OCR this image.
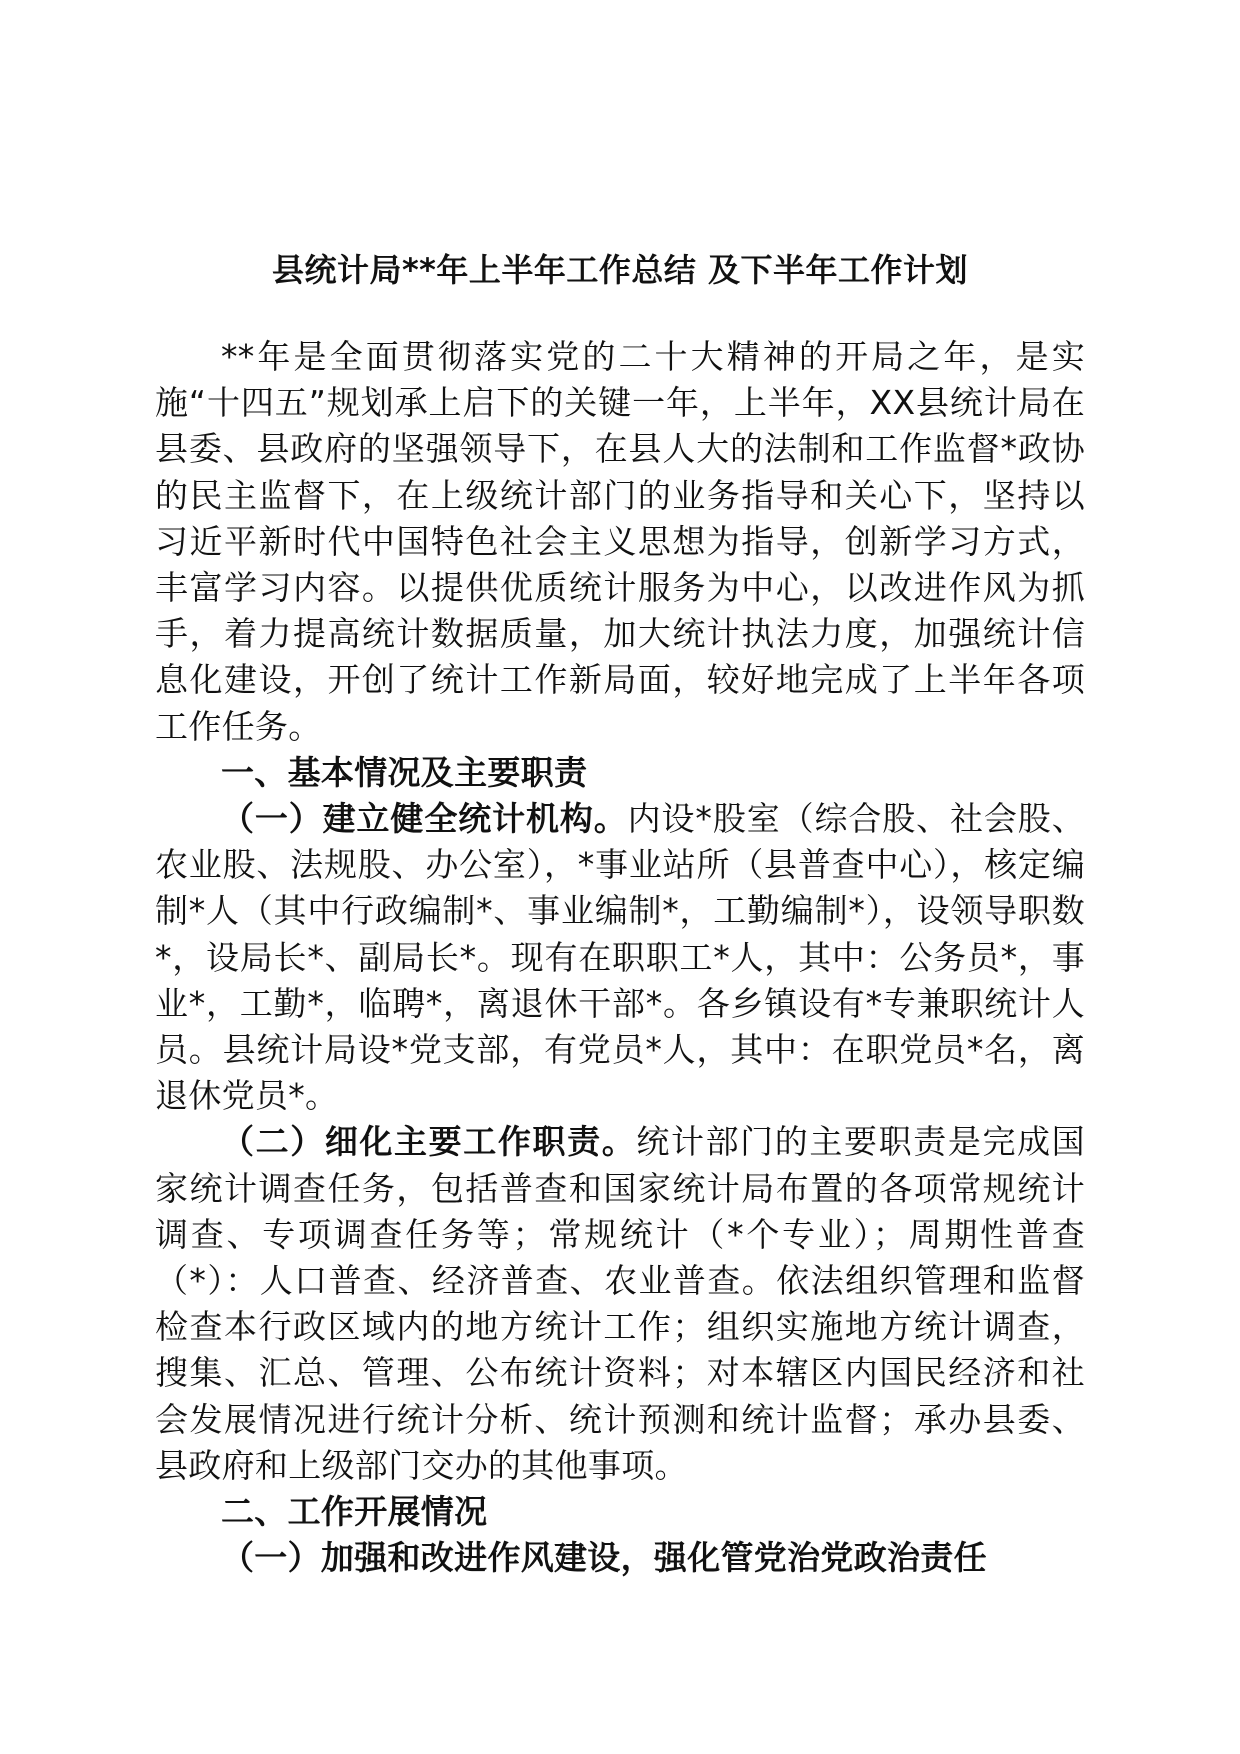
县统计局**年上半年工作总结 及下半年工作计划

**年是全面贯彻落实党的二十大精神的开局之年，是实施“十四五”规划承上启下的关键一年，上半年，XX县统计局在县委、县政府的坚强领导下，在县人大的法制和工作监督*政协的民主监督下，在上级统计部门的业务指导和关心下，坚持以习近平新时代中国特色社会主义思想为指导，创新学习方式，丰富学习内容。以提供优质统计服务为中心，以改进作风为抓手，着力提高统计数据质量，加大统计执法力度，加强统计信息化建设，开创了统计工作新局面，较好地完成了上半年各项工作任务。

一、基本情况及主要职责

（一）建立健全统计机构。内设*股室（综合股、社会股、农业股、法规股、办公室），*事业站所（县普查中心），核定编制*人（其中行政编制*、事业编制*，工勤编制*），设领导职数*，设局长*、副局长*。现有在职职工*人，其中：公务员*，事业*，工勤*，临聘*，离退休干部*。各乡镇设有*专兼职统计人员。县统计局设*党支部，有党员*人，其中：在职党员*名，离退休党员*。

（二）细化主要工作职责。统计部门的主要职责是完成国家统计调查任务，包括普查和国家统计局布置的各项常规统计调查、专项调查任务等；常规统计（*个专业）；周期性普查（*）：人口普查、经济普查、农业普查。依法组织管理和监督检查本行政区域内的地方统计工作；组织实施地方统计调查，搜集、汇总、管理、公布统计资料；对本辖区内国民经济和社会发展情况进行统计分析、统计预测和统计监督；承办县委、县政府和上级部门交办的其他事项。

二、工作开展情况

（一）加强和改进作风建设，强化管党治党政治责任
